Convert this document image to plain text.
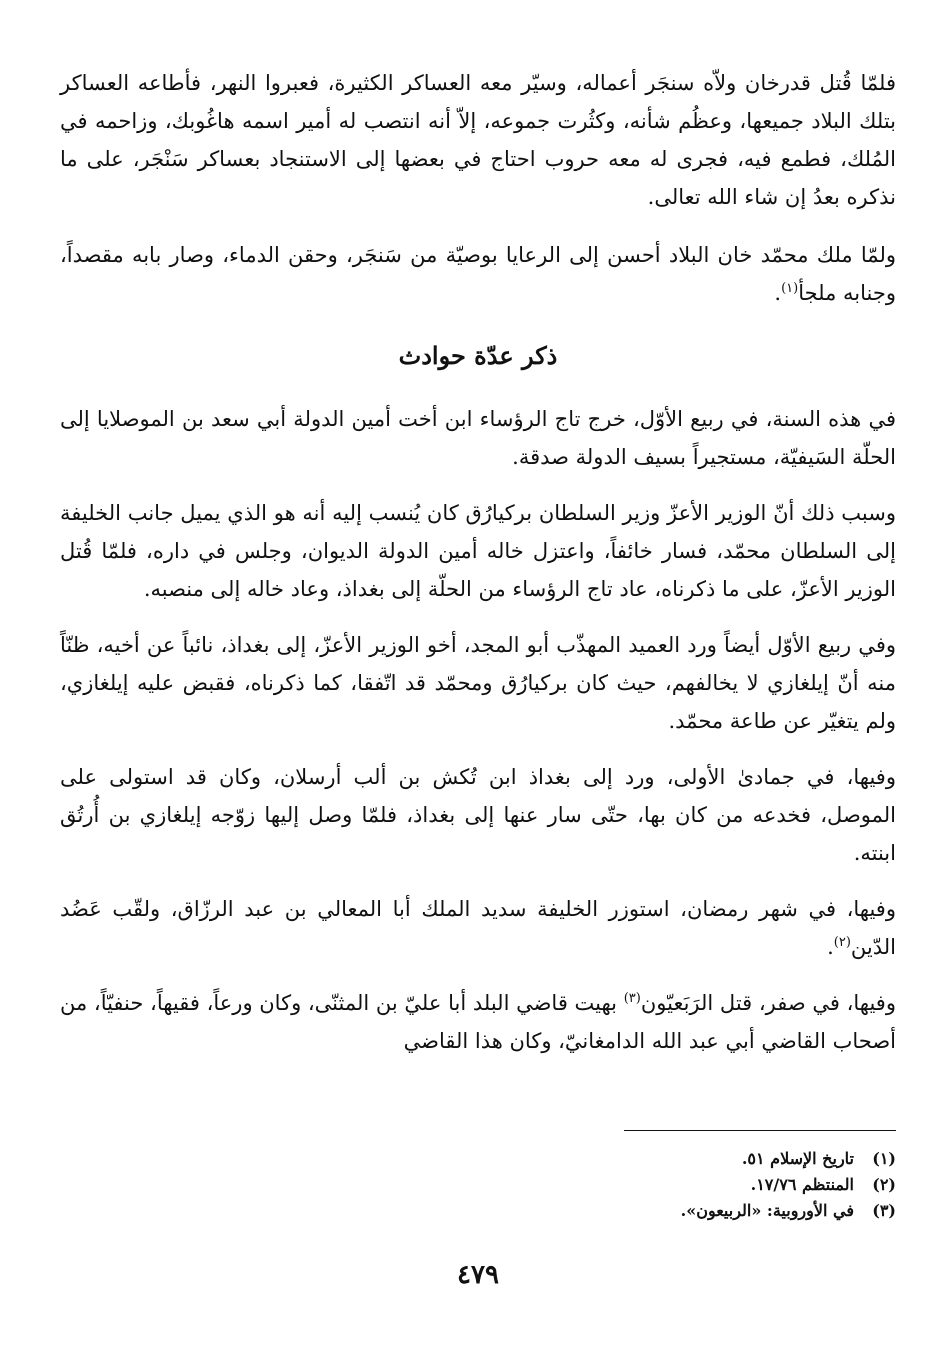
فلمّا قُتل قدرخان ولاّه سنجَر أعماله، وسيّر معه العساكر الكثيرة، فعبروا النهر، فأطاعه العساكر بتلك البلاد جميعها، وعظُم شأنه، وكثُرت جموعه، إلاّ أنه انتصب له أمير اسمه هاغُوبك، وزاحمه في المُلك، فطمع فيه، فجرى له معه حروب احتاج في بعضها إلى الاستنجاد بعساكر سَنْجَر، على ما نذكره بعدُ إن شاء الله تعالى.

ولمّا ملك محمّد خان البلاد أحسن إلى الرعايا بوصيّة من سَنجَر، وحقن الدماء، وصار بابه مقصداً، وجنابه ملجأ$^{(١)}$.

ذكر عدّة حوادث

في هذه السنة، في ربيع الأوّل، خرج تاج الرؤساء ابن أخت أمين الدولة أبي سعد بن الموصلايا إلى الحلّة السَيفيّة، مستجيراً بسيف الدولة صدقة.

وسبب ذلك أنّ الوزير الأعزّ وزير السلطان بركيارُق كان يُنسب إليه أنه هو الذي يميل جانب الخليفة إلى السلطان محمّد، فسار خائفاً، واعتزل خاله أمين الدولة الديوان، وجلس في داره، فلمّا قُتل الوزير الأعزّ، على ما ذكرناه، عاد تاج الرؤساء من الحلّة إلى بغداذ، وعاد خاله إلى منصبه.

وفي ربيع الأوّل أيضاً ورد العميد المهذّب أبو المجد، أخو الوزير الأعزّ، إلى بغداذ، نائباً عن أخيه، ظنّاً منه أنّ إيلغازي لا يخالفهم، حيث كان بركيارُق ومحمّد قد اتّفقا، كما ذكرناه، فقبض عليه إيلغازي، ولم يتغيّر عن طاعة محمّد.

وفيها، في جمادىٰ الأولى، ورد إلى بغداذ ابن تُكش بن ألب أرسلان، وكان قد استولى على الموصل، فخدعه من كان بها، حتّى سار عنها إلى بغداذ، فلمّا وصل إليها زوّجه إيلغازي بن أُرتُق ابنته.

وفيها، في شهر رمضان، استوزر الخليفة سديد الملك أبا المعالي بن عبد الرزّاق، ولقّب عَضُد الدّين$^{(٢)}$.

وفيها، في صفر، قتل الرَبَعيّون$^{(٣)}$ بهيت قاضي البلد أبا عليّ بن المثنّى، وكان ورعاً، فقيهاً، حنفيّاً، من أصحاب القاضي أبي عبد الله الدامغانيّ، وكان هذا القاضي

(١)
تاريخ الإسلام ٥١.
(٢)
المنتظم ١٧/٧٦.
(٣)
في الأوروبية: «الربيعون».
٤٧٩
